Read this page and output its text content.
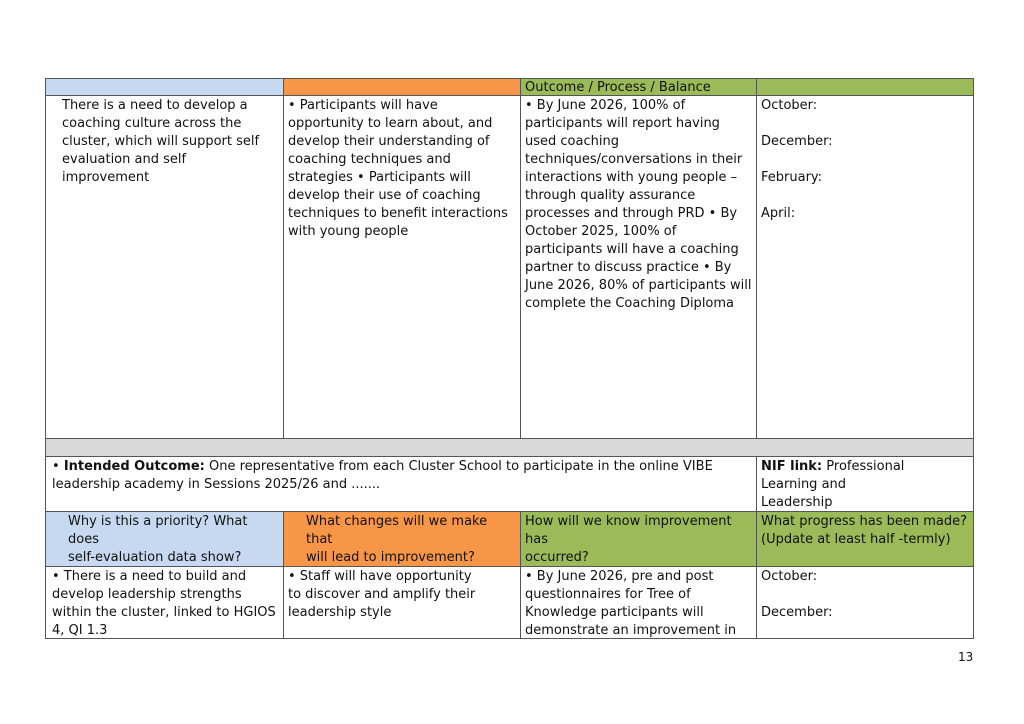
Outcome / Process / Balance
There is a need to develop a
coaching culture across the
cluster, which will support self
evaluation and self
improvement
• Participants will have
opportunity to learn about, and
develop their understanding of
coaching techniques and
strategies • Participants will
develop their use of coaching
techniques to benefit interactions
with young people
• By June 2026, 100% of
participants will report having
used coaching
techniques/conversations in their
interactions with young people –
through quality assurance
processes and through PRD • By
October 2025, 100% of
participants will have a coaching
partner to discuss practice • By
June 2026, 80% of participants will
complete the Coaching Diploma
October:

December:

February:

April:
• Intended Outcome: One representative from each Cluster School to participate in the online VIBE
leadership academy in Sessions 2025/26 and .......
NIF link: Professional
Learning and
Leadership
Why is this a priority? What does
self-evaluation data show?
What changes will we make that
will lead to improvement?
How will we know improvement has
occurred?
What progress has been made?
(Update at least half -termly)
• There is a need to build and
develop leadership strengths
within the cluster, linked to HGIOS
4, QI 1.3
• Staff will have opportunity
to discover and amplify their
leadership style
• By June 2026, pre and post
questionnaires for Tree of
Knowledge participants will
demonstrate an improvement in
October:

December:
13
